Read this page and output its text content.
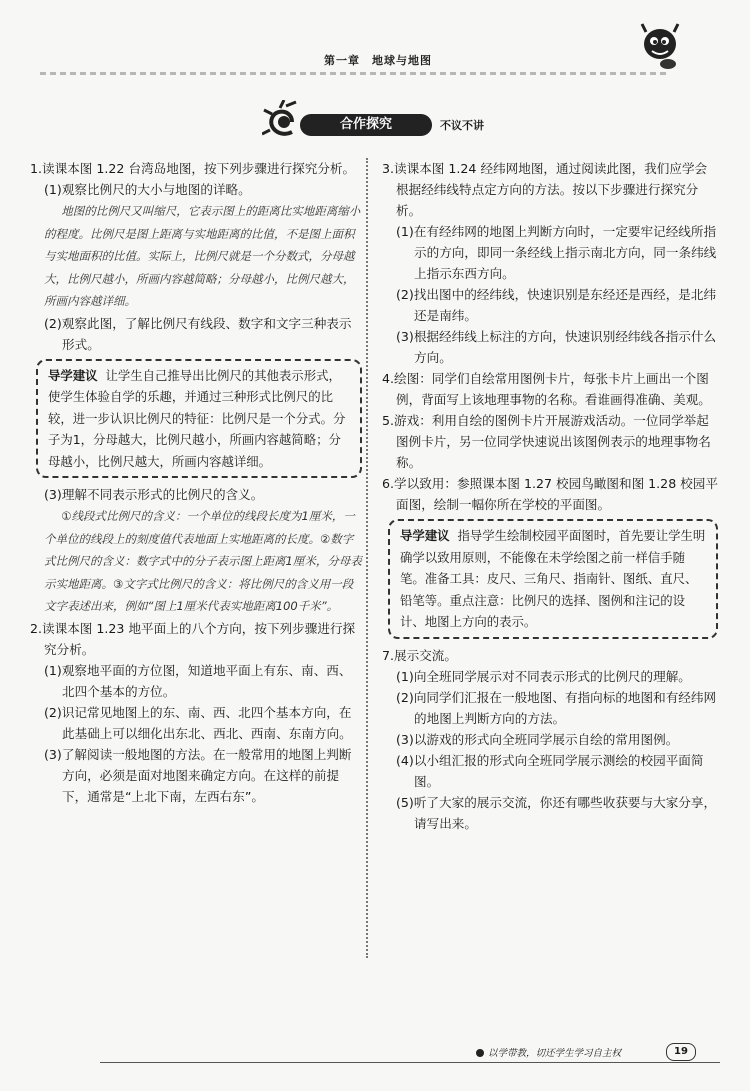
第一章　地球与地图
合作探究	不议不讲

1.读课本图 1.22 台湾岛地图，按下列步骤进行探究分析。

(1)观察比例尺的大小与地图的详略。

地图的比例尺又叫缩尺，它表示图上的距离比实地距离缩小的程度。比例尺是图上距离与实地距离的比值，不是图上面积与实地面积的比值。实际上，比例尺就是一个分数式，分母越大，比例尺越小，所画内容越简略；分母越小，比例尺越大，所画内容越详细。

(2)观察此图，了解比例尺有线段、数字和文字三种表示形式。

导学建议 让学生自己推导出比例尺的其他表示形式，使学生体验自学的乐趣，并通过三种形式比例尺的比较，进一步认识比例尺的特征：比例尺是一个分式。分子为1，分母越大，比例尺越小，所画内容越简略；分母越小，比例尺越大，所画内容越详细。

(3)理解不同表示形式的比例尺的含义。

①线段式比例尺的含义：一个单位的线段长度为1厘米，一个单位的线段上的刻度值代表地面上实地距离的长度。②数字式比例尺的含义：数字式中的分子表示图上距离1厘米，分母表示实地距离。③文字式比例尺的含义：将比例尺的含义用一段文字表述出来，例如“图上1厘米代表实地距离100千米”。

2.读课本图 1.23 地平面上的八个方向，按下列步骤进行探究分析。

(1)观察地平面的方位图，知道地平面上有东、南、西、北四个基本的方位。

(2)识记常见地图上的东、南、西、北四个基本方向，在此基础上可以细化出东北、西北、西南、东南方向。

(3)了解阅读一般地图的方法。在一般常用的地图上判断方向，必须是面对地图来确定方向。在这样的前提下，通常是“上北下南，左西右东”。

3.读课本图 1.24 经纬网地图，通过阅读此图，我们应学会根据经纬线特点定方向的方法。按以下步骤进行探究分析。

(1)在有经纬网的地图上判断方向时，一定要牢记经线所指示的方向，即同一条经线上指示南北方向，同一条纬线上指示东西方向。

(2)找出图中的经纬线，快速识别是东经还是西经，是北纬还是南纬。

(3)根据经纬线上标注的方向，快速识别经纬线各指示什么方向。

4.绘图：同学们自绘常用图例卡片，每张卡片上画出一个图例，背面写上该地理事物的名称。看谁画得准确、美观。

5.游戏：利用自绘的图例卡片开展游戏活动。一位同学举起图例卡片，另一位同学快速说出该图例表示的地理事物名称。

6.学以致用：参照课本图 1.27 校园鸟瞰图和图 1.28 校园平面图，绘制一幅你所在学校的平面图。

导学建议 指导学生绘制校园平面图时，首先要让学生明确学以致用原则，不能像在未学绘图之前一样信手随笔。准备工具：皮尺、三角尺、指南针、图纸、直尺、铅笔等。重点注意：比例尺的选择、图例和注记的设计、地图上方向的表示。

7.展示交流。

(1)向全班同学展示对不同表示形式的比例尺的理解。

(2)向同学们汇报在一般地图、有指向标的地图和有经纬网的地图上判断方向的方法。

(3)以游戏的形式向全班同学展示自绘的常用图例。

(4)以小组汇报的形式向全班同学展示测绘的校园平面简图。

(5)听了大家的展示交流，你还有哪些收获要与大家分享，请写出来。

以学带教，切还学生学习自主权	19
